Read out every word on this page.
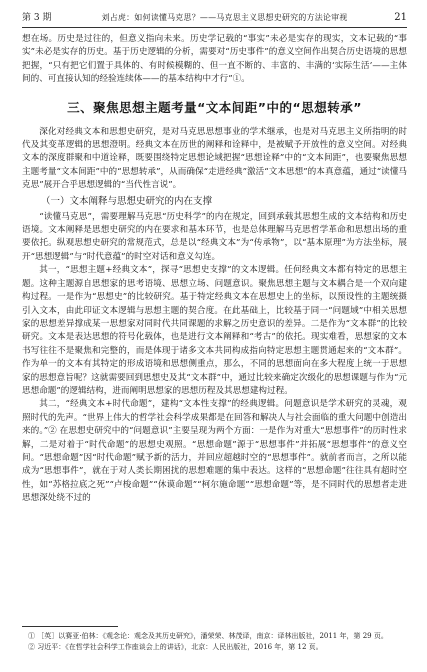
第 3 期	刘占虎：如何读懂马克思？——马克思主义思想史研究的方法论审视	21

想在场。历史是过往的，但意义指向未来。历史学记载的“事实”未必是实存的现实，文本记载的“事实”未必是实存的历史。基于历史逻辑的分析，需要对“历史事件”的意义空间作出契合历史语境的思想把握，“只有把它们置于具体的、有时候模糊的、但一直不断的、丰富的、丰满的‘实际生活’——主体间的、可直接认知的经验连续体——的基本结构中才行”①。

三、聚焦思想主题考量“文本间距”中的“思想转承”

深化对经典文本和思想史研究，是对马克思思想事业的学术继承，也是对马克思主义所指明的时代及其变革逻辑的思想澄明。经典文本在历世的阐释和诠释中，是被赋予开放性的意义空间。对经典文本的深度群聚和中道诠释，既要围绕特定思想论域把握“思想诠释”中的“文本间距”，也要聚焦思想主题考量“文本间距”中的“思想转承”，从而确保“走进经典”激活“文本思想”的本真意蕴，通过“读懂马克思”展开合乎思想逻辑的“当代性言说”。

（一）文本阐释与思想史研究的内在支撑

“读懂马克思”，需要理解马克思“历史科学”的内在规定，回到承载其思想生成的文本结构和历史语境。文本阐释是思想史研究的内在要求和基本环节，也是总体理解马克思哲学革命和思想出场的重要依托。纵观思想史研究的常规范式，总是以“经典文本”为“传承物”，以“基本原理”为方法坐标，展开“思想逻辑”与“时代意蕴”的时空对话和意义勾连。

其一，“思想主题+经典文本”，探寻“思想史支撑”的文本逻辑。任何经典文本都有特定的思想主题。这种主题源自思想家的思考语境、思想立场、问题意识。聚焦思想主题与文本耦合是一个双向建构过程。一是作为“思想史”的比较研究。基于特定经典文本在思想史上的坐标，以预设性的主题统摄引入文本，由此印证文本逻辑与思想主题的契合度。在此基础上，比较基于同一“问题域”中相关思想家的思想差异撑成某一思想家对同时代共同课题的求解之历史意识的差异。二是作为“文本群”的比较研究。文本是表达思想的符号化载体，也是进行文本阐释和“考古”的依托。现实难看，思想家的文本书写往往不是聚焦和完整的，而是体现于诸多文本共同构成指向特定思想主题贯通起来的“文本群”。作为单一的文本有其特定的形成语境和思想侧重点，那么，不同的思想面向在多大程度上统一于思想家的思想意旨呢？这就需要回到思想史及其“文本群”中，通过比较来确定次级化的思想课题与作为“元思想命题”的逻辑结构，进而阐明思想家的思想历程及其思想建构过程。

其二，“经典文本+时代命题”，建构“文本性支撑”的经典逻辑。问题意识是学术研究的灵魂，观照时代的先声。“世界上伟大的哲学社会科学成果都是在回答和解决人与社会面临的重大问题中创造出来的。”② 在思想史研究中的“问题意识”主要呈现为两个方面：一是作为对重大“思想事件”的历时性求解，二是对着于“时代命题”的思想史观照。“思想命题”源于“思想事件”并拓展“思想事件”的意义空间。“思想命题”因“时代命题”赋予新的活力，并回应超越时空的“思想事件”。就前者而言，之所以能成为“思想事件”，就在于对人类长期困扰的思想难题的集中表达。这样的“思想命题”往往具有超时空性，如“苏格拉底之死”“卢梭命题”“休谟命题”“柯尔施命题”“思想命题”等，是不同时代的思想者走进思想深处绕不过的

① ［英］以赛亚·伯林：《观念论：观念及其历史研究》，潘荣荣、林茂译，南京：译林出版社，2011 年，第 29 页。

② 习近平：《在哲学社会科学工作座谈会上的讲话》，北京：人民出版社，2016 年，第 12 页。
